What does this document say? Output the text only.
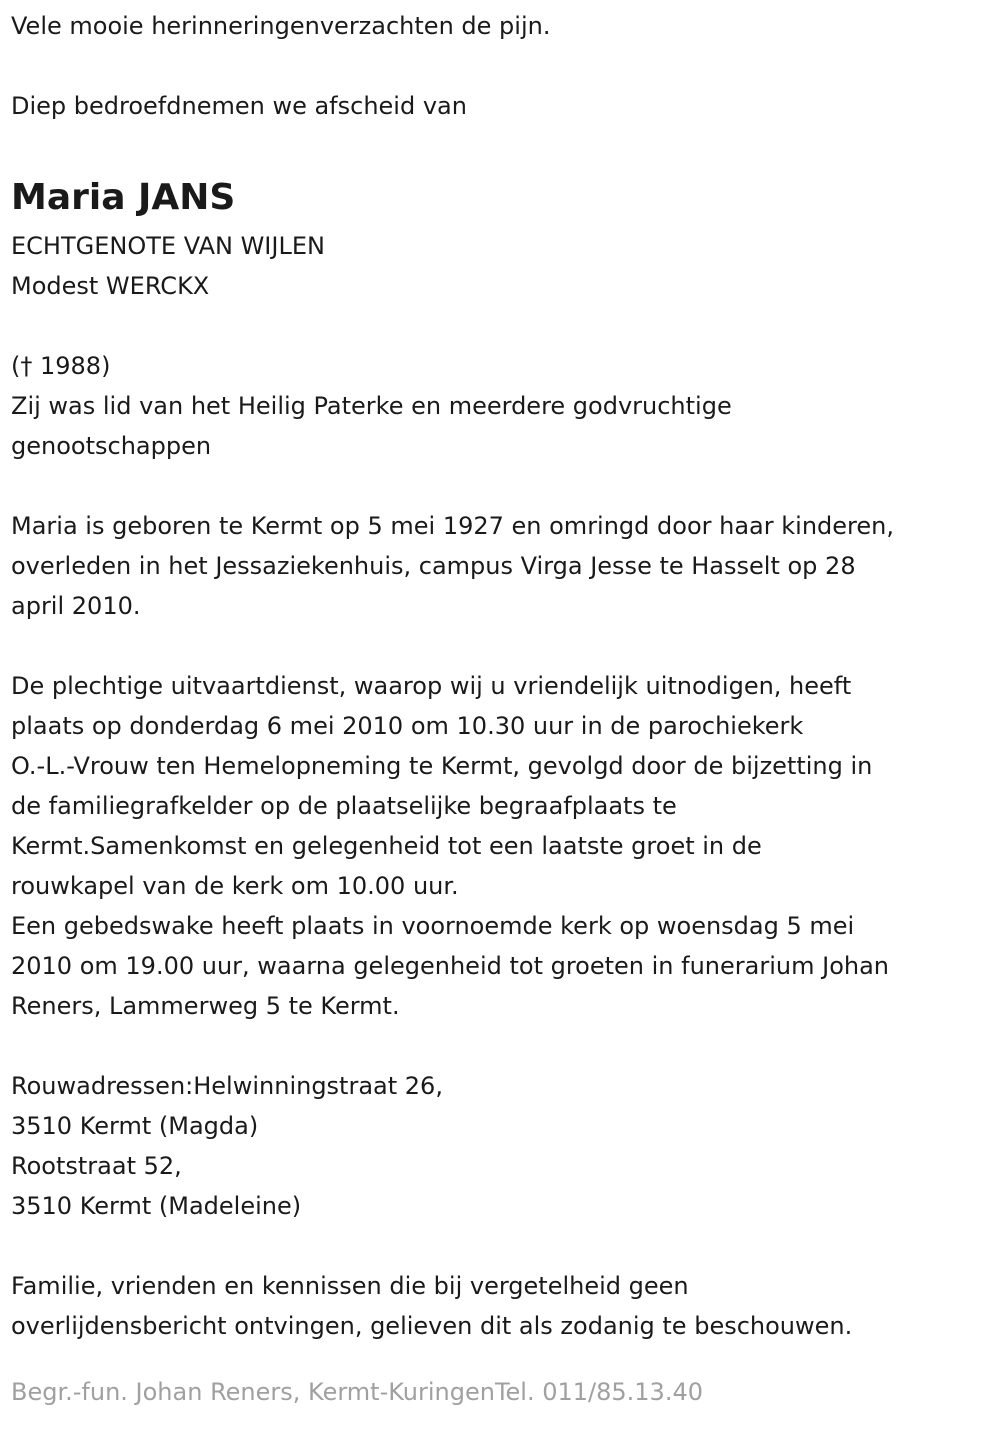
Vele mooie herinneringenverzachten de pijn.
Diep bedroefdnemen we afscheid van
Maria JANS
ECHTGENOTE VAN WIJLEN
Modest WERCKX
(† 1988)
Zij was lid van het Heilig Paterke en meerdere godvruchtige
genootschappen
Maria is geboren te Kermt op 5 mei 1927 en omringd door haar kinderen,
overleden in het Jessaziekenhuis, campus Virga Jesse te Hasselt op 28
april 2010.
De plechtige uitvaartdienst, waarop wij u vriendelijk uitnodigen, heeft
plaats op donderdag 6 mei 2010 om 10.30 uur in de parochiekerk
O.-L.-Vrouw ten Hemelopneming te Kermt, gevolgd door de bijzetting in
de familiegrafkelder op de plaatselijke begraafplaats te
Kermt.Samenkomst en gelegenheid tot een laatste groet in de
rouwkapel van de kerk om 10.00 uur.
Een gebedswake heeft plaats in voornoemde kerk op woensdag 5 mei
2010 om 19.00 uur, waarna gelegenheid tot groeten in funerarium Johan
Reners, Lammerweg 5 te Kermt.
Rouwadressen:Helwinningstraat 26,
3510 Kermt (Magda)
Rootstraat 52,
3510 Kermt (Madeleine)
Familie, vrienden en kennissen die bij vergetelheid geen
overlijdensbericht ontvingen, gelieven dit als zodanig te beschouwen.
Begr.-fun. Johan Reners, Kermt-KuringenTel. 011/85.13.40
